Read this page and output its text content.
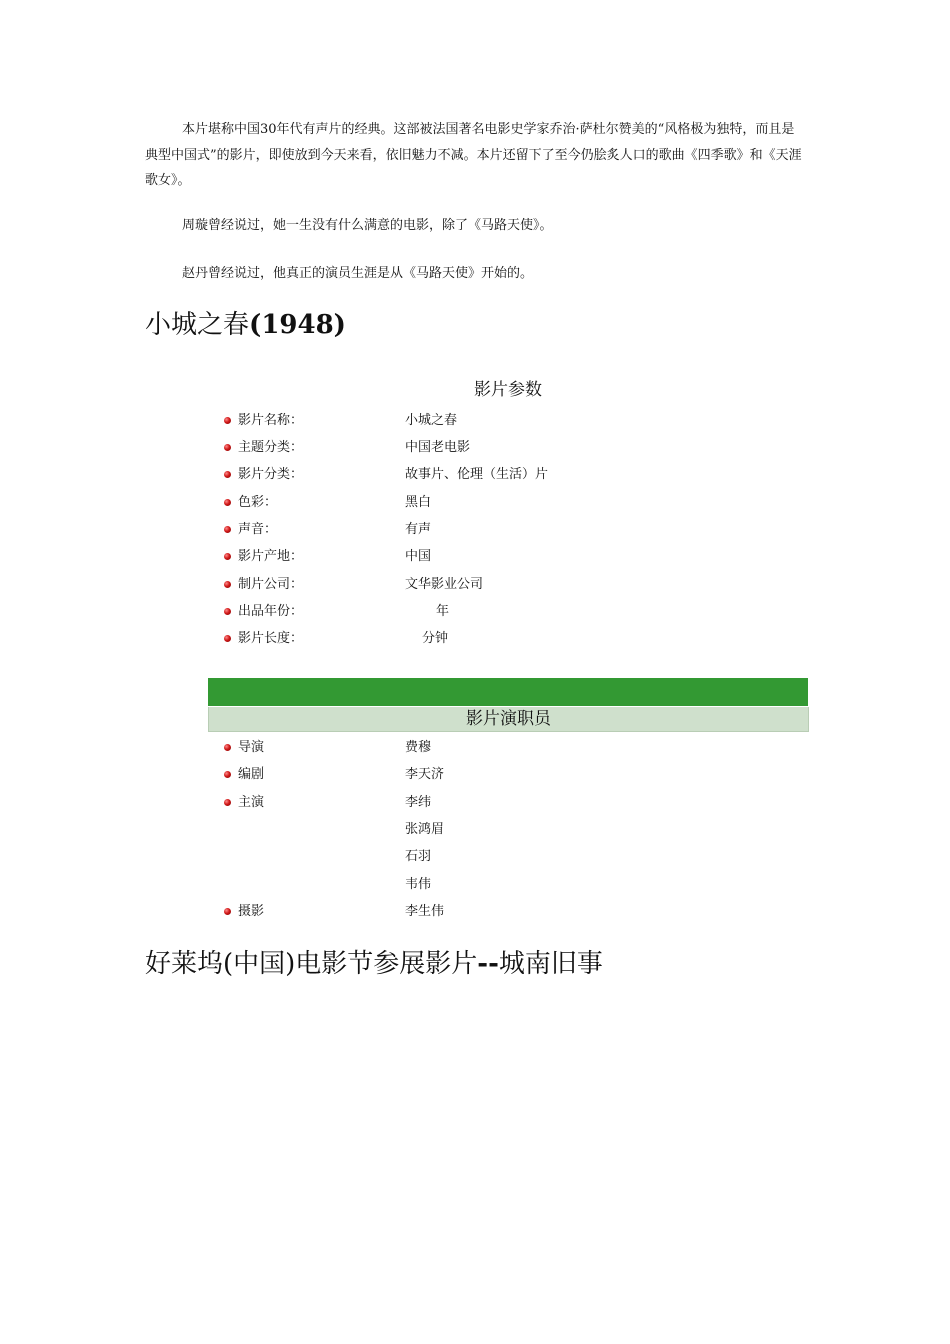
本片堪称中国30年代有声片的经典。这部被法国著名电影史学家乔治·萨杜尔赞美的“风格极为独特，而且是典型中国式”的影片，即使放到今天来看，依旧魅力不减。本片还留下了至今仍脍炙人口的歌曲《四季歌》和《天涯歌女》。

周璇曾经说过，她一生没有什么满意的电影，除了《马路天使》。

赵丹曾经说过，他真正的演员生涯是从《马路天使》开始的。

小城之春(1948)
影片参数
影片名称：	小城之春
主题分类：	中国老电影
影片分类：	故事片、伦理（生活）片
色彩：	黑白
声音：	有声
影片产地：	中国
制片公司：	文华影业公司
出品年份：	年
影片长度：	分钟
影片演职员
导演	费穆
编剧	李天济
主演	李纬
张鸿眉
石羽
韦伟
摄影	李生伟
好莱坞(中国)电影节参展影片--城南旧事
